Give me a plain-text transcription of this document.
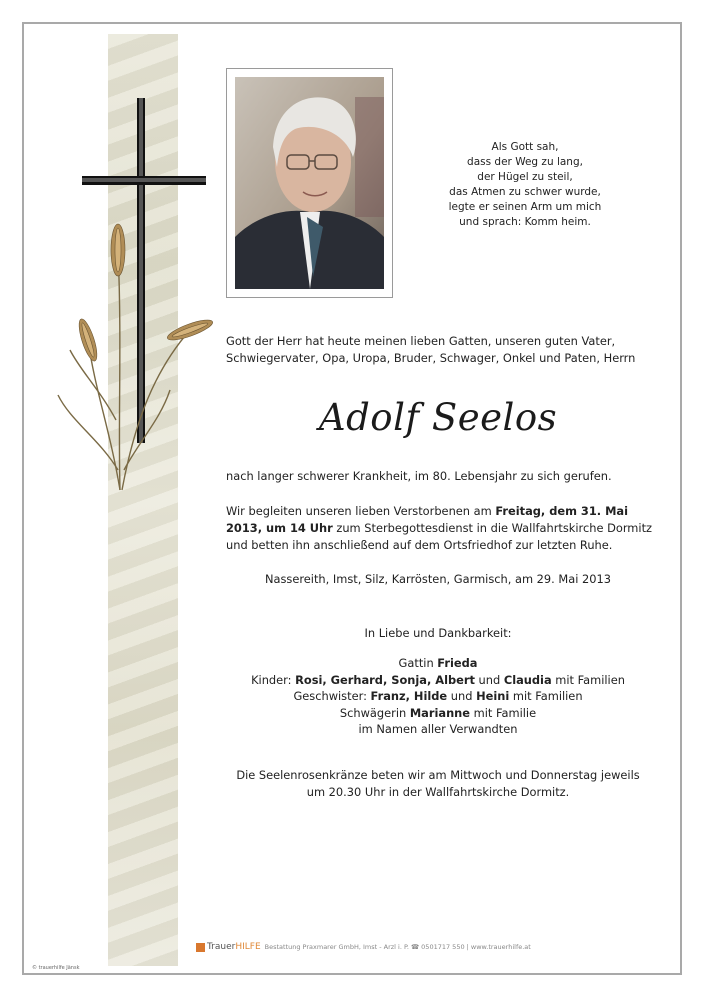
Als Gott sah,
dass der Weg zu lang,
der Hügel zu steil,
das Atmen zu schwer wurde,
legte er seinen Arm um mich
und sprach: Komm heim.
Gott der Herr hat heute meinen lieben Gatten, unseren guten Vater,
Schwiegervater, Opa, Uropa, Bruder, Schwager, Onkel und Paten, Herrn
Adolf Seelos
nach langer schwerer Krankheit, im 80. Lebensjahr zu sich gerufen.
Wir begleiten unseren lieben Verstorbenen am Freitag, dem 31. Mai
2013, um 14 Uhr zum Sterbegottesdienst in die Wallfahrtskirche Dormitz
und betten ihn anschließend auf dem Ortsfriedhof zur letzten Ruhe.
Nassereith, Imst, Silz, Karrösten, Garmisch, am 29. Mai 2013
In Liebe und Dankbarkeit:
Gattin Frieda
Kinder: Rosi, Gerhard, Sonja, Albert und Claudia mit Familien
Geschwister: Franz, Hilde und Heini mit Familien
Schwägerin Marianne mit Familie
im Namen aller Verwandten
Die Seelenrosenkränze beten wir am Mittwoch und Donnerstag jeweils
um 20.30 Uhr in der Wallfahrtskirche Dormitz.
TrauerHILFE Bestattung Praxmarer GmbH, Imst - Arzl i. P. ☎ 0501717 550 | www.trauerhilfe.at
© trauerhilfe Jänsk
